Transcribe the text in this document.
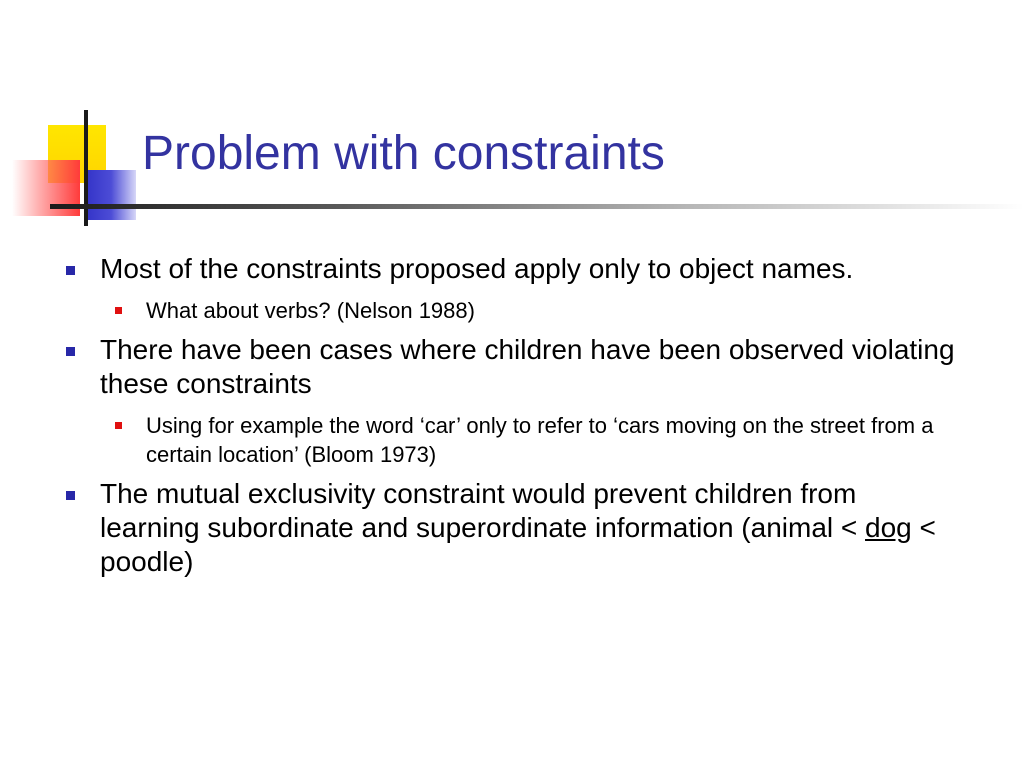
Problem with constraints
Most of the constraints proposed apply only to object names.
What about verbs? (Nelson 1988)
There have been cases where children have been observed violating these constraints
Using for example the word ‘car’ only to refer to ‘cars moving on the street from a certain location’ (Bloom 1973)
The mutual exclusivity constraint would prevent children from learning subordinate and superordinate information (animal < dog < poodle)
